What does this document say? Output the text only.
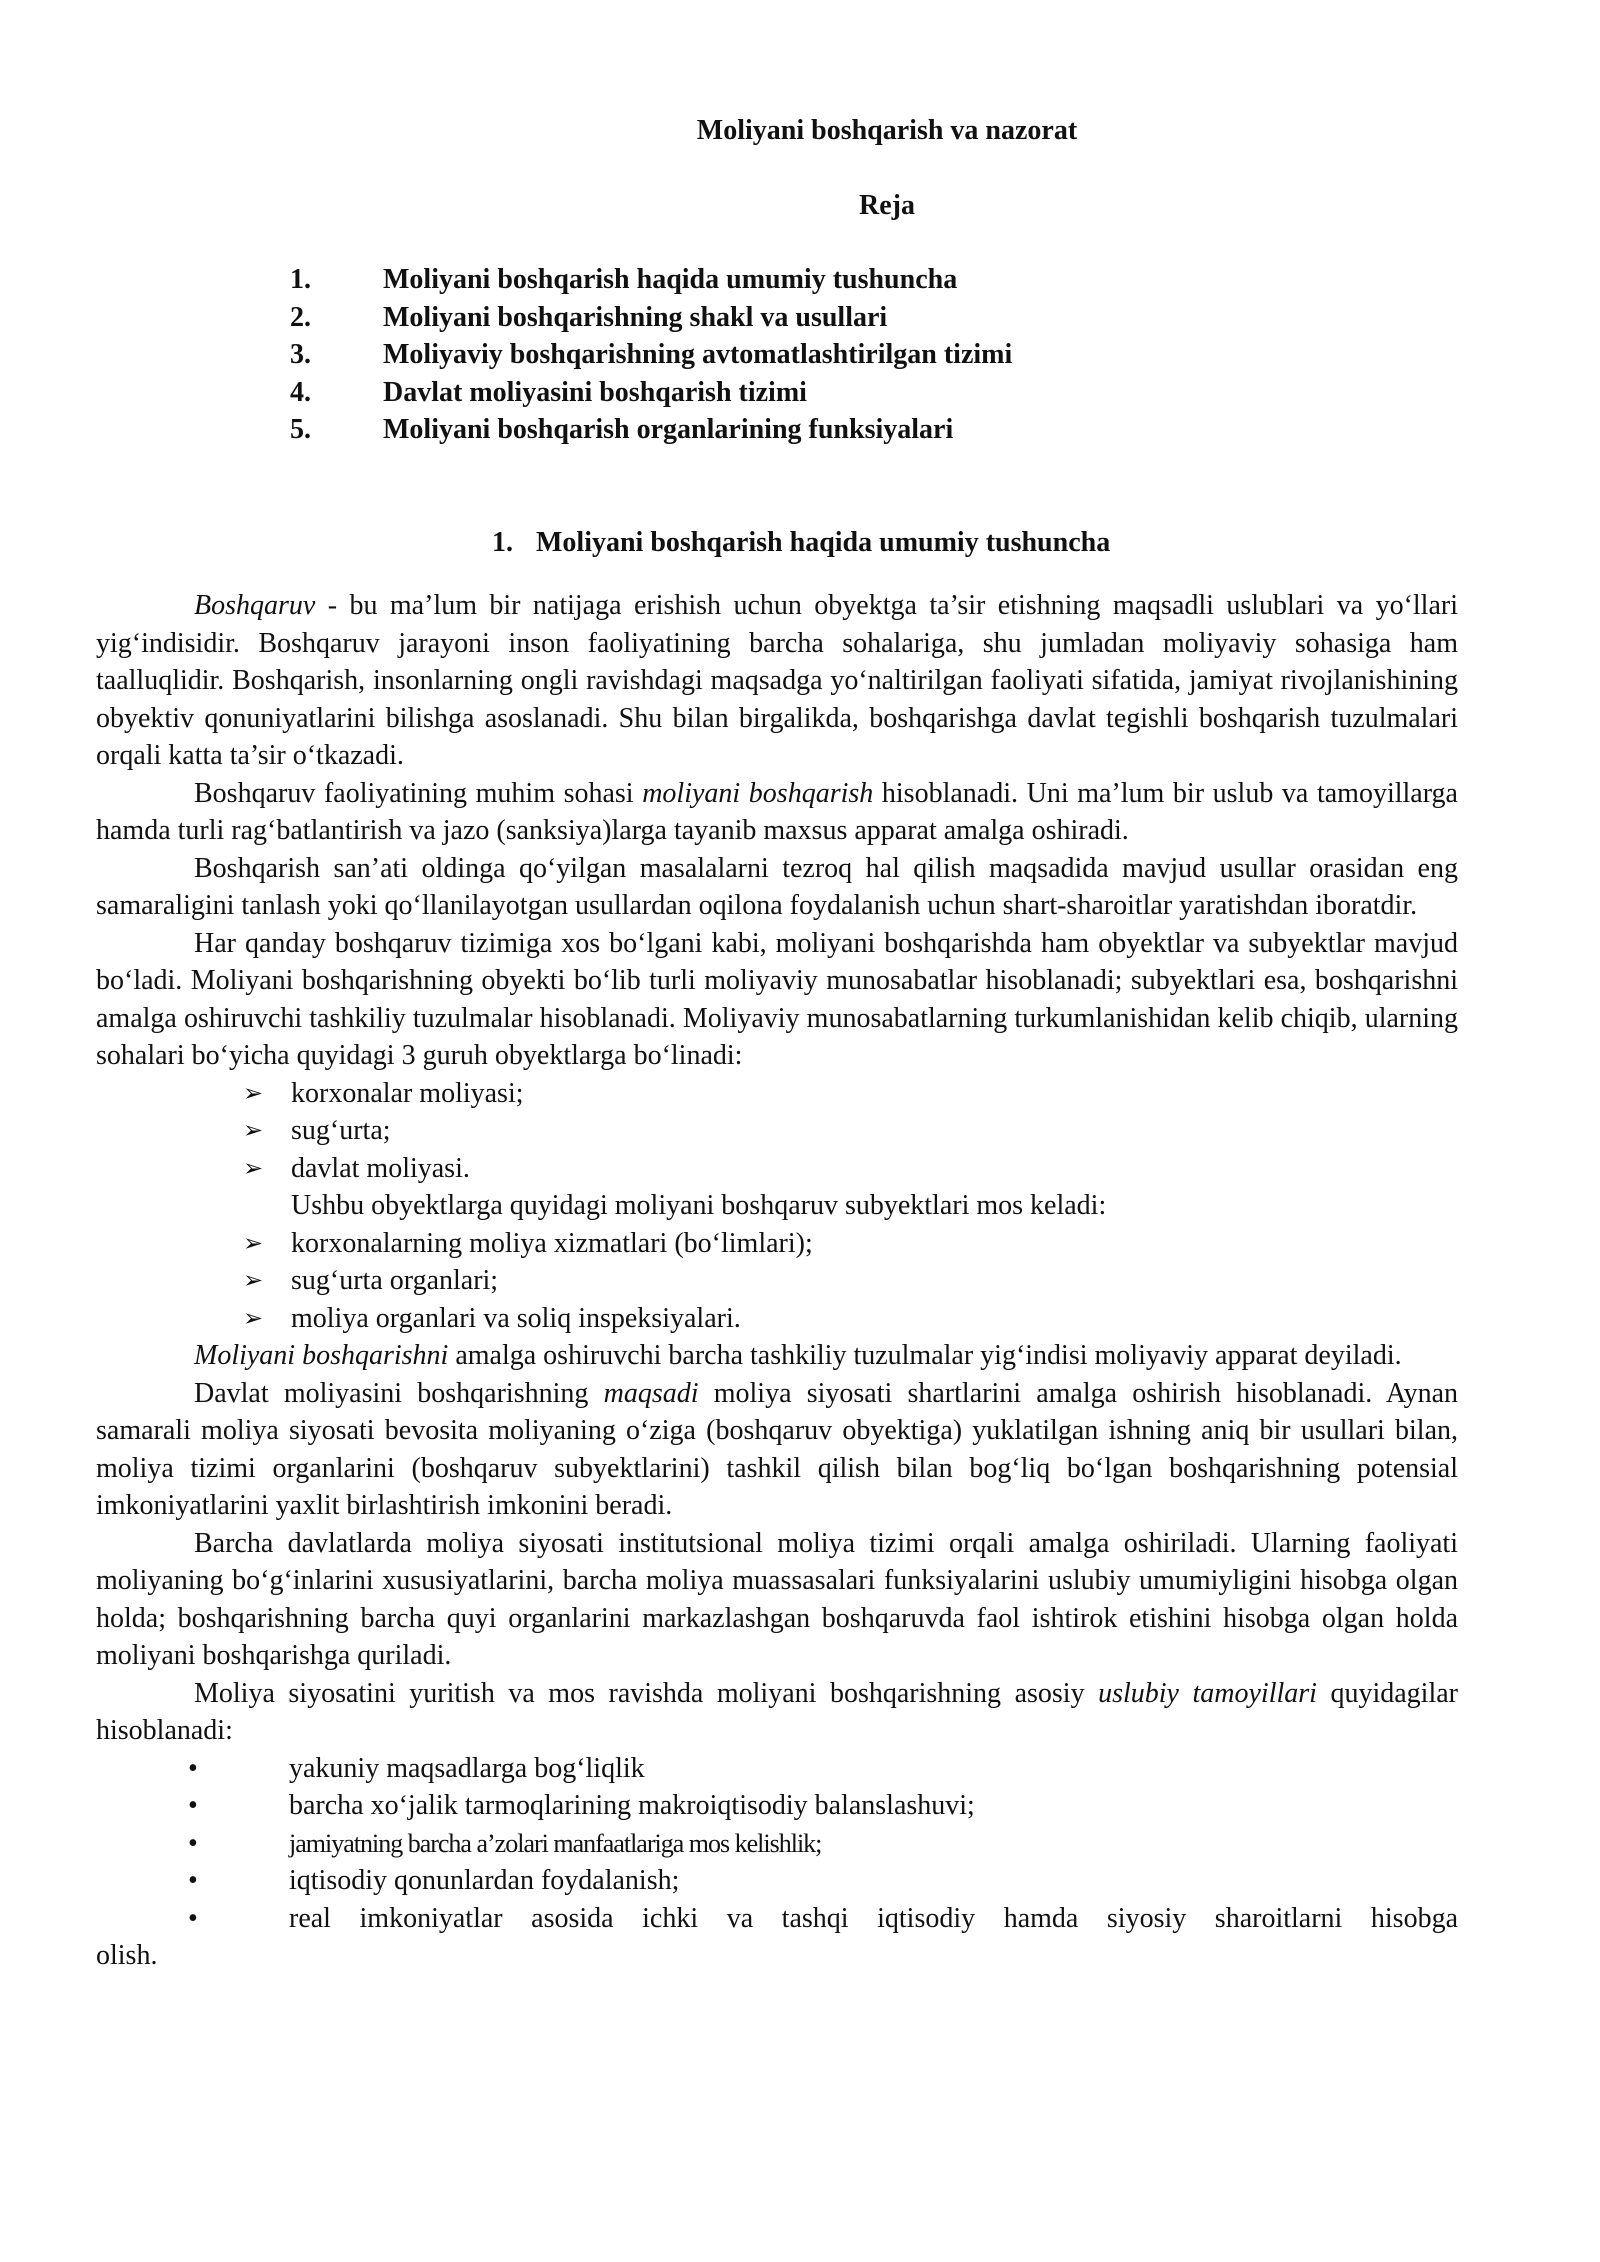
Moliyani boshqarish va nazorat
Reja
1.	Moliyani boshqarish haqida umumiy tushuncha
2.	Moliyani boshqarishning shakl va usullari
3.	Moliyaviy boshqarishning avtomatlashtirilgan tizimi
4.	Davlat moliyasini boshqarish tizimi
5.	Moliyani boshqarish organlarining funksiyalari
1. Moliyani boshqarish haqida umumiy tushuncha

Boshqaruv - bu ma’lum bir natijaga erishish uchun obyektga ta’sir etishning maqsadli uslublari va yo‘llari yig‘indisidir. Boshqaruv jarayoni inson faoliyatining barcha sohalariga, shu jumladan moliyaviy sohasiga ham taalluqlidir. Boshqarish, insonlarning ongli ravishdagi maqsadga yo‘naltirilgan faoliyati sifatida, jamiyat rivojlanishining obyektiv qonuniyatlarini bilishga asoslanadi. Shu bilan birgalikda, boshqarishga davlat tegishli boshqarish tuzulmalari orqali katta ta’sir o‘tkazadi.

Boshqaruv faoliyatining muhim sohasi moliyani boshqarish hisoblanadi. Uni ma’lum bir uslub va tamoyillarga hamda turli rag‘batlantirish va jazo (sanksiya)larga tayanib maxsus apparat amalga oshiradi.

Boshqarish san’ati oldinga qo‘yilgan masalalarni tezroq hal qilish maqsadida mavjud usullar orasidan eng samaraligini tanlash yoki qo‘llanilayotgan usullardan oqilona foydalanish uchun shart-sharoitlar yaratishdan iboratdir.

Har qanday boshqaruv tizimiga xos bo‘lgani kabi, moliyani boshqarishda ham obyektlar va subyektlar mavjud bo‘ladi. Moliyani boshqarishning obyekti bo‘lib turli moliyaviy munosabatlar hisoblanadi; subyektlari esa, boshqarishni amalga oshiruvchi tashkiliy tuzulmalar hisoblanadi. Moliyaviy munosabatlarning turkumlanishidan kelib chiqib, ularning sohalari bo‘yicha quyidagi 3 guruh obyektlarga bo‘linadi:

➢ korxonalar moliyasi;
➢ sug‘urta;
➢ davlat moliyasi.
Ushbu obyektlarga quyidagi moliyani boshqaruv subyektlari mos keladi:
➢ korxonalarning moliya xizmatlari (bo‘limlari);
➢ sug‘urta organlari;
➢ moliya organlari va soliq inspeksiyalari.

Moliyani boshqarishni amalga oshiruvchi barcha tashkiliy tuzulmalar yig‘indisi moliyaviy apparat deyiladi.

Davlat moliyasini boshqarishning maqsadi moliya siyosati shartlarini amalga oshirish hisoblanadi. Aynan samarali moliya siyosati bevosita moliyaning o‘ziga (boshqaruv obyektiga) yuklatilgan ishning aniq bir usullari bilan, moliya tizimi organlarini (boshqaruv subyektlarini) tashkil qilish bilan bog‘liq bo‘lgan boshqarishning potensial imkoniyatlarini yaxlit birlashtirish imkonini beradi.

Barcha davlatlarda moliya siyosati institutsional moliya tizimi orqali amalga oshiriladi. Ularning faoliyati moliyaning bo‘g‘inlarini xususiyatlarini, barcha moliya muassasalari funksiyalarini uslubiy umumiyligini hisobga olgan holda; boshqarishning barcha quyi organlarini markazlashgan boshqaruvda faol ishtirok etishini hisobga olgan holda moliyani boshqarishga quriladi.

Moliya siyosatini yuritish va mos ravishda moliyani boshqarishning asosiy uslubiy tamoyillari quyidagilar hisoblanadi:

•	yakuniy maqsadlarga bog‘liqlik
•	barcha xo‘jalik tarmoqlarining makroiqtisodiy balanslashuvi;
•	jamiyatning barcha a’zolari manfaatlariga mos kelishlik;
•	iqtisodiy qonunlardan foydalanish;
•	real imkoniyatlar asosida ichki va tashqi iqtisodiy hamda siyosiy sharoitlarni hisobga

olish.
